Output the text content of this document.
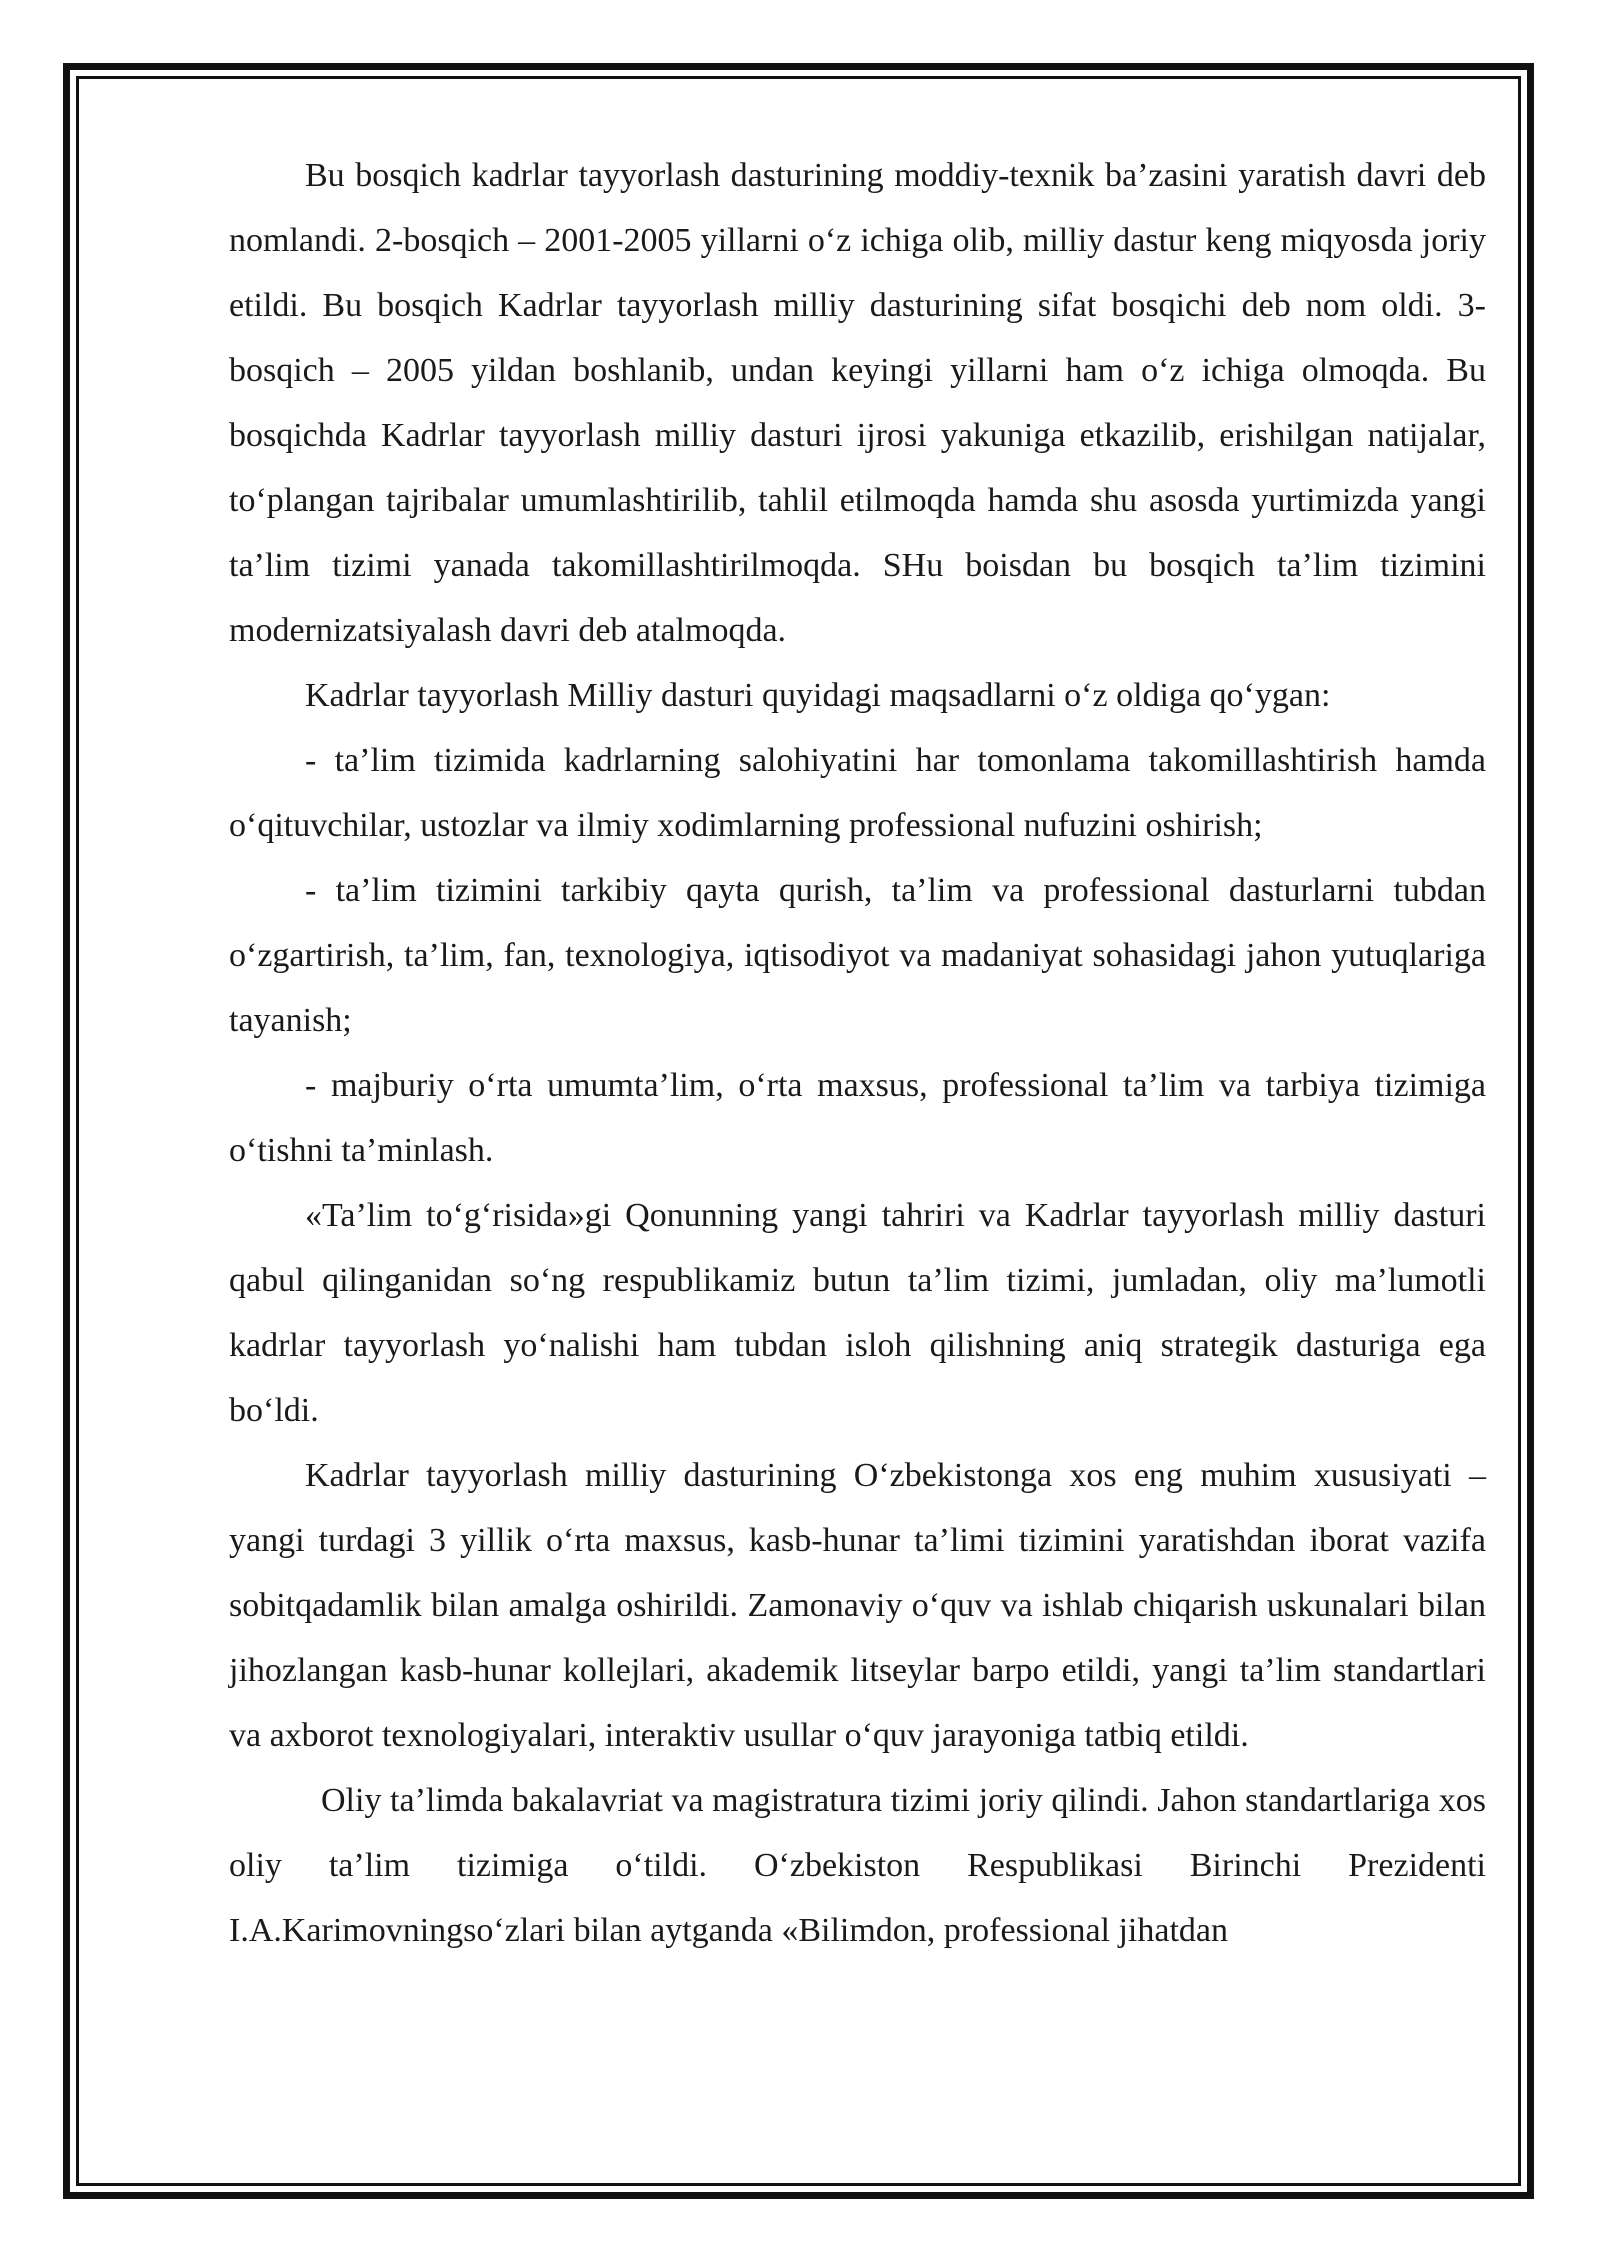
Bu bosqich kadrlar tayyorlash dasturining moddiy-texnik ba’zasini yaratish davri deb nomlandi. 2-bosqich – 2001-2005 yillarni o‘z ichiga olib, milliy dastur keng miqyosda joriy etildi. Bu bosqich Kadrlar tayyorlash milliy dasturining sifat bosqichi deb nom oldi. 3-bosqich – 2005 yildan boshlanib, undan keyingi yillarni ham o‘z ichiga olmoqda. Bu bosqichda Kadrlar tayyorlash milliy dasturi ijrosi yakuniga etkazilib, erishilgan natijalar, to‘plangan tajribalar umumlashtirilib, tahlil etilmoqda hamda shu asosda yurtimizda yangi ta’lim tizimi yanada takomillashtirilmoqda. SHu boisdan bu bosqich ta’lim tizimini modernizatsiyalash davri deb atalmoqda.

Kadrlar tayyorlash Milliy dasturi quyidagi maqsadlarni o‘z oldiga qo‘ygan:

- ta’lim tizimida kadrlarning salohiyatini har tomonlama takomillashtirish hamda o‘qituvchilar, ustozlar va ilmiy xodimlarning professional nufuzini oshirish;

- ta’lim tizimini tarkibiy qayta qurish, ta’lim va professional dasturlarni tubdan o‘zgartirish, ta’lim, fan, texnologiya, iqtisodiyot va madaniyat sohasidagi jahon yutuqlariga tayanish;

- majburiy o‘rta umumta’lim, o‘rta maxsus, professional ta’lim va tarbiya tizimiga o‘tishni ta’minlash.

«Ta’lim to‘g‘risida»gi Qonunning yangi tahriri va Kadrlar tayyorlash milliy dasturi qabul qilinganidan so‘ng respublikamiz butun ta’lim tizimi, jumladan, oliy ma’lumotli kadrlar tayyorlash yo‘nalishi ham tubdan isloh qilishning aniq strategik dasturiga ega bo‘ldi.

Kadrlar tayyorlash milliy dasturining O‘zbekistonga xos eng muhim xususiyati – yangi turdagi 3 yillik o‘rta maxsus, kasb-hunar ta’limi tizimini yaratishdan iborat vazifa sobitqadamlik bilan amalga oshirildi. Zamonaviy o‘quv va ishlab chiqarish uskunalari bilan jihozlangan kasb-hunar kollejlari, akademik litseylar barpo etildi, yangi ta’lim standartlari va axborot texnologiyalari, interaktiv usullar o‘quv jarayoniga tatbiq etildi.

Oliy ta’limda bakalavriat va magistratura tizimi joriy qilindi. Jahon standartlariga xos oliy ta’lim tizimiga o‘tildi. O‘zbekiston Respublikasi Birinchi Prezidenti I.A.Karimovningso‘zlari bilan aytganda «Bilimdon, professional jihatdan
